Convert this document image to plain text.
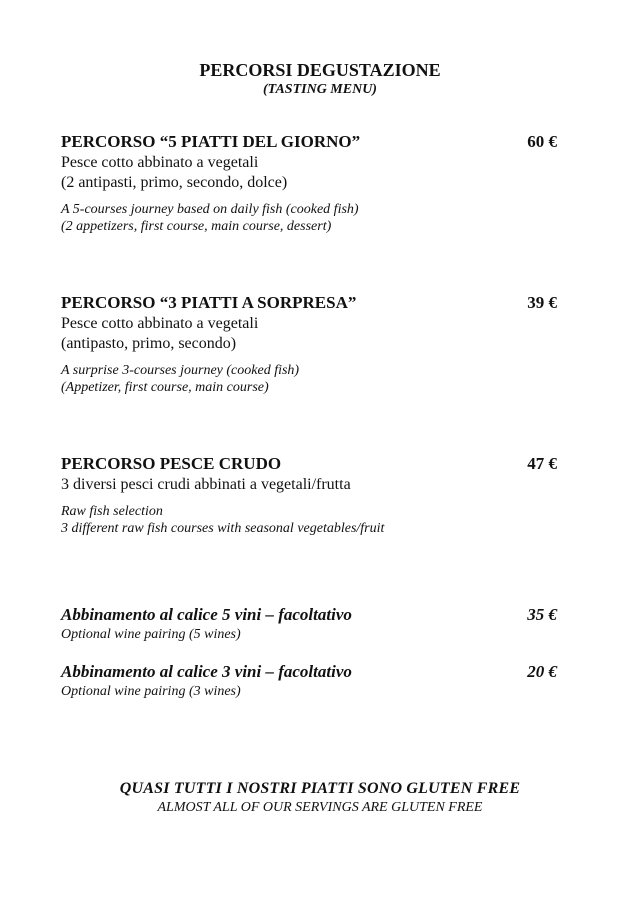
PERCORSI DEGUSTAZIONE
(TASTING MENU)
PERCORSO “5 PIATTI DEL GIORNO”	60 €
Pesce cotto abbinato a vegetali
(2 antipasti, primo, secondo, dolce)
A 5-courses journey based on daily fish (cooked fish)
(2 appetizers, first course, main course, dessert)
PERCORSO “3 PIATTI A SORPRESA”	39 €
Pesce cotto abbinato a vegetali
(antipasto, primo, secondo)
A surprise 3-courses journey (cooked fish)
(Appetizer, first course, main course)
PERCORSO PESCE CRUDO	47 €
3 diversi pesci crudi abbinati a vegetali/frutta
Raw fish selection
3 different raw fish courses with seasonal vegetables/fruit
Abbinamento al calice 5 vini – facoltativo	35 €
Optional wine pairing (5 wines)
Abbinamento al calice 3 vini – facoltativo	20 €
Optional wine pairing (3 wines)
QUASI TUTTI I NOSTRI PIATTI SONO GLUTEN FREE
ALMOST ALL OF OUR SERVINGS ARE GLUTEN FREE
